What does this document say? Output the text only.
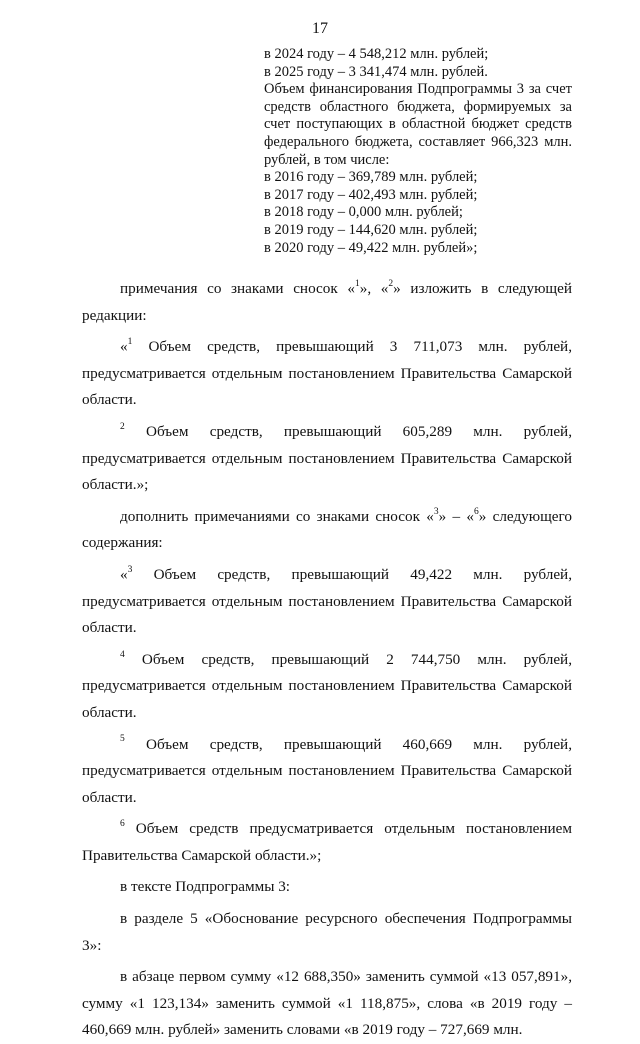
17
в 2024 году – 4 548,212 млн. рублей;
в 2025 году – 3 341,474 млн. рублей.
Объем финансирования Подпрограммы 3 за счет средств областного бюджета, формируемых за счет поступающих в областной бюджет средств федерального бюджета, составляет 966,323 млн. рублей, в том числе:
в 2016 году – 369,789 млн. рублей;
в 2017 году – 402,493 млн. рублей;
в 2018 году – 0,000 млн. рублей;
в 2019 году – 144,620 млн. рублей;
в 2020 году – 49,422 млн. рублей»;

примечания со знаками сносок «$^1$», «$^2$» изложить в следующей редакции:

«$^1$ Объем средств, превышающий 3 711,073 млн. рублей, предусматривается отдельным постановлением Правительства Самарской области.

$^2$ Объем средств, превышающий 605,289 млн. рублей, предусматривается отдельным постановлением Правительства Самарской области.»;

дополнить примечаниями со знаками сносок «$^3$» – «$^6$» следующего содержания:

«$^3$ Объем средств, превышающий 49,422 млн. рублей, предусматривается отдельным постановлением Правительства Самарской области.

$^4$ Объем средств, превышающий 2 744,750 млн. рублей, предусматривается отдельным постановлением Правительства Самарской области.

$^5$ Объем средств, превышающий 460,669 млн. рублей, предусматривается отдельным постановлением Правительства Самарской области.

$^6$ Объем средств предусматривается отдельным постановлением Правительства Самарской области.»;

в тексте Подпрограммы 3:

в разделе 5 «Обоснование ресурсного обеспечения Подпрограммы 3»:

в абзаце первом сумму «12 688,350» заменить суммой «13 057,891», сумму «1 123,134» заменить суммой «1 118,875», слова «в 2019 году – 460,669 млн. рублей» заменить словами «в 2019 году – 727,669 млн.
